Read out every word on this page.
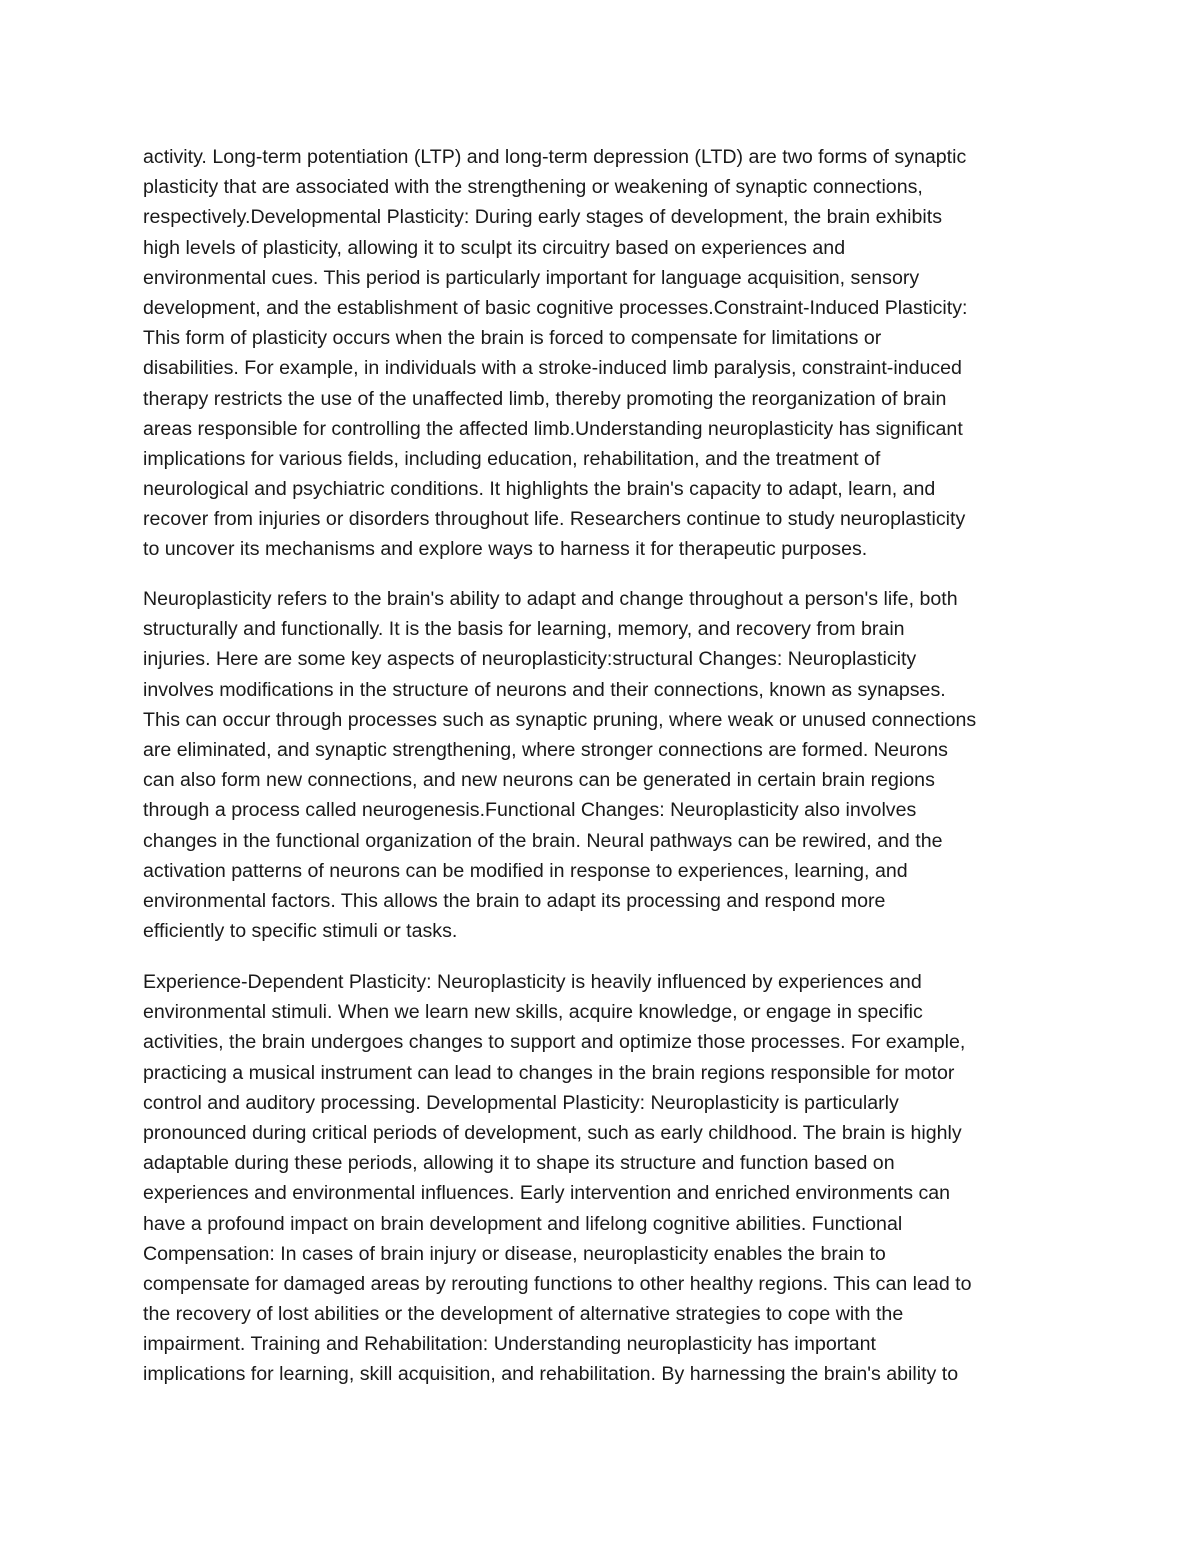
activity. Long-term potentiation (LTP) and long-term depression (LTD) are two forms of synaptic
plasticity that are associated with the strengthening or weakening of synaptic connections,
respectively.Developmental Plasticity: During early stages of development, the brain exhibits
high levels of plasticity, allowing it to sculpt its circuitry based on experiences and
environmental cues. This period is particularly important for language acquisition, sensory
development, and the establishment of basic cognitive processes.Constraint-Induced Plasticity:
This form of plasticity occurs when the brain is forced to compensate for limitations or
disabilities. For example, in individuals with a stroke-induced limb paralysis, constraint-induced
therapy restricts the use of the unaffected limb, thereby promoting the reorganization of brain
areas responsible for controlling the affected limb.Understanding neuroplasticity has significant
implications for various fields, including education, rehabilitation, and the treatment of
neurological and psychiatric conditions. It highlights the brain's capacity to adapt, learn, and
recover from injuries or disorders throughout life. Researchers continue to study neuroplasticity
to uncover its mechanisms and explore ways to harness it for therapeutic purposes.
Neuroplasticity refers to the brain's ability to adapt and change throughout a person's life, both
structurally and functionally. It is the basis for learning, memory, and recovery from brain
injuries. Here are some key aspects of neuroplasticity:structural Changes: Neuroplasticity
involves modifications in the structure of neurons and their connections, known as synapses.
This can occur through processes such as synaptic pruning, where weak or unused connections
are eliminated, and synaptic strengthening, where stronger connections are formed. Neurons
can also form new connections, and new neurons can be generated in certain brain regions
through a process called neurogenesis.Functional Changes: Neuroplasticity also involves
changes in the functional organization of the brain. Neural pathways can be rewired, and the
activation patterns of neurons can be modified in response to experiences, learning, and
environmental factors. This allows the brain to adapt its processing and respond more
efficiently to specific stimuli or tasks.
Experience-Dependent Plasticity: Neuroplasticity is heavily influenced by experiences and
environmental stimuli. When we learn new skills, acquire knowledge, or engage in specific
activities, the brain undergoes changes to support and optimize those processes. For example,
practicing a musical instrument can lead to changes in the brain regions responsible for motor
control and auditory processing. Developmental Plasticity: Neuroplasticity is particularly
pronounced during critical periods of development, such as early childhood. The brain is highly
adaptable during these periods, allowing it to shape its structure and function based on
experiences and environmental influences. Early intervention and enriched environments can
have a profound impact on brain development and lifelong cognitive abilities. Functional
Compensation: In cases of brain injury or disease, neuroplasticity enables the brain to
compensate for damaged areas by rerouting functions to other healthy regions. This can lead to
the recovery of lost abilities or the development of alternative strategies to cope with the
impairment. Training and Rehabilitation: Understanding neuroplasticity has important
implications for learning, skill acquisition, and rehabilitation. By harnessing the brain's ability to
